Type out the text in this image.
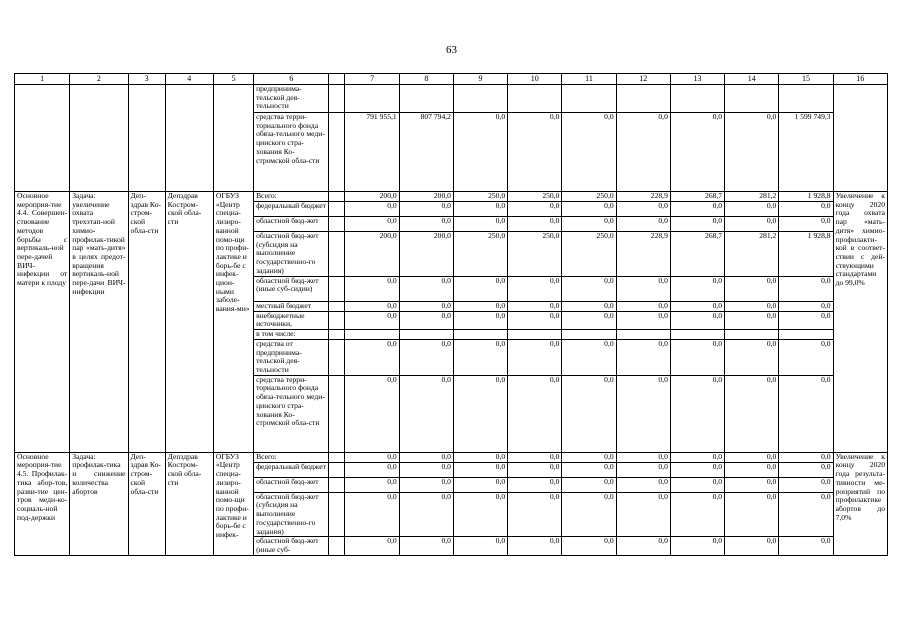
63
1	2	3	4	5	6		7	8	9	10	11	12	13	14	15	16
					предпринима-тельской дея-тельности											
					средства терри-ториального фонда обяза-тельного меди-цинского стра-хования Ко-стромской обла-сти		791 955,1	807 794,2	0,0	0,0	0,0	0,0	0,0	0,0	1 599 749,3	
Основное мероприя-тие 4.4. Совершен-ствование методов борьбы с вертикаль-ной пере-дачей ВИЧ-инфекции от матери к плоду	Задача: увеличение охвата трехэтап-ной химио-профилак-тикой пар «мать-дитя» в целях предот-вращения вертикаль-ной пере-дачи ВИЧ-инфекции	Деп-здрав Ко-стром-ской обла-сти	Депздрав Костром-ской обла-сти	ОГБУЗ «Центр специа-лизиро-ванной помо-щи по профи-лактике и борь-бе с инфек-цион-ными заболе-вания-ми»	Всего:		200,0	200,0	250,0	250,0	250,0	228,9	268,7	281,2	1 928,8	Увеличение к концу 2020 года охвата пар «мать-дитя» химио-профилакти-кой в соответ-ствии с дей-ствующими стандартами до 99,0%
					федеральный бюджет		0,0	0,0	0,0	0,0	0,0	0,0	0,0	0,0	0,0	
					областной бюд-жет		0,0	0,0	0,0	0,0	0,0	0,0	0,0	0,0	0,0	
					областной бюд-жет (субсидия на выполнение государственно-го задания)		200,0	200,0	250,0	250,0	250,0	228,9	268,7	281,2	1 928,8	
					областной бюд-жет (иные суб-сидии)		0,0	0,0	0,0	0,0	0,0	0,0	0,0	0,0	0,0	
					местный бюджет		0,0	0,0	0,0	0,0	0,0	0,0	0,0	0,0	0,0	
					внебюджетные источники,		0,0	0,0	0,0	0,0	0,0	0,0	0,0	0,0	0,0	
					в том числе:											
					средства от предпринима-тельской дея-тельности		0,0	0,0	0,0	0,0	0,0	0,0	0,0	0,0	0,0	
					средства терри-ториального фонда обяза-тельного меди-цинского стра-хования Ко-стромской обла-сти		0,0	0,0	0,0	0,0	0,0	0,0	0,0	0,0	0,0	
Основное мероприя-тие 4.5. Профилак-тика абор-тов, разви-тие цен-тров меди-ко-социаль-ной под-держки	Задача: профилак-тика и снижение количества абортов	Деп-здрав Ко-стром-ской обла-сти	Депздрав Костром-ской обла-сти	ОГБУЗ «Центр специа-лизиро-ванной помо-щи по профи-лактике и борь-бе с инфек-	Всего:		0,0	0,0	0,0	0,0	0,0	0,0	0,0	0,0	0,0	Увеличение к концу 2020 года результа-тивности ме-роприятий по профилактике абортов до 7,0%
					федеральный бюджет		0,0	0,0	0,0	0,0	0,0	0,0	0,0	0,0	0,0	
					областной бюд-жет		0,0	0,0	0,0	0,0	0,0	0,0	0,0	0,0	0,0	
					областной бюд-жет (субсидия на выполнение государственно-го задания)		0,0	0,0	0,0	0,0	0,0	0,0	0,0	0,0	0,0	
					областной бюд-жет (иные суб-		0,0	0,0	0,0	0,0	0,0	0,0	0,0	0,0	0,0	
